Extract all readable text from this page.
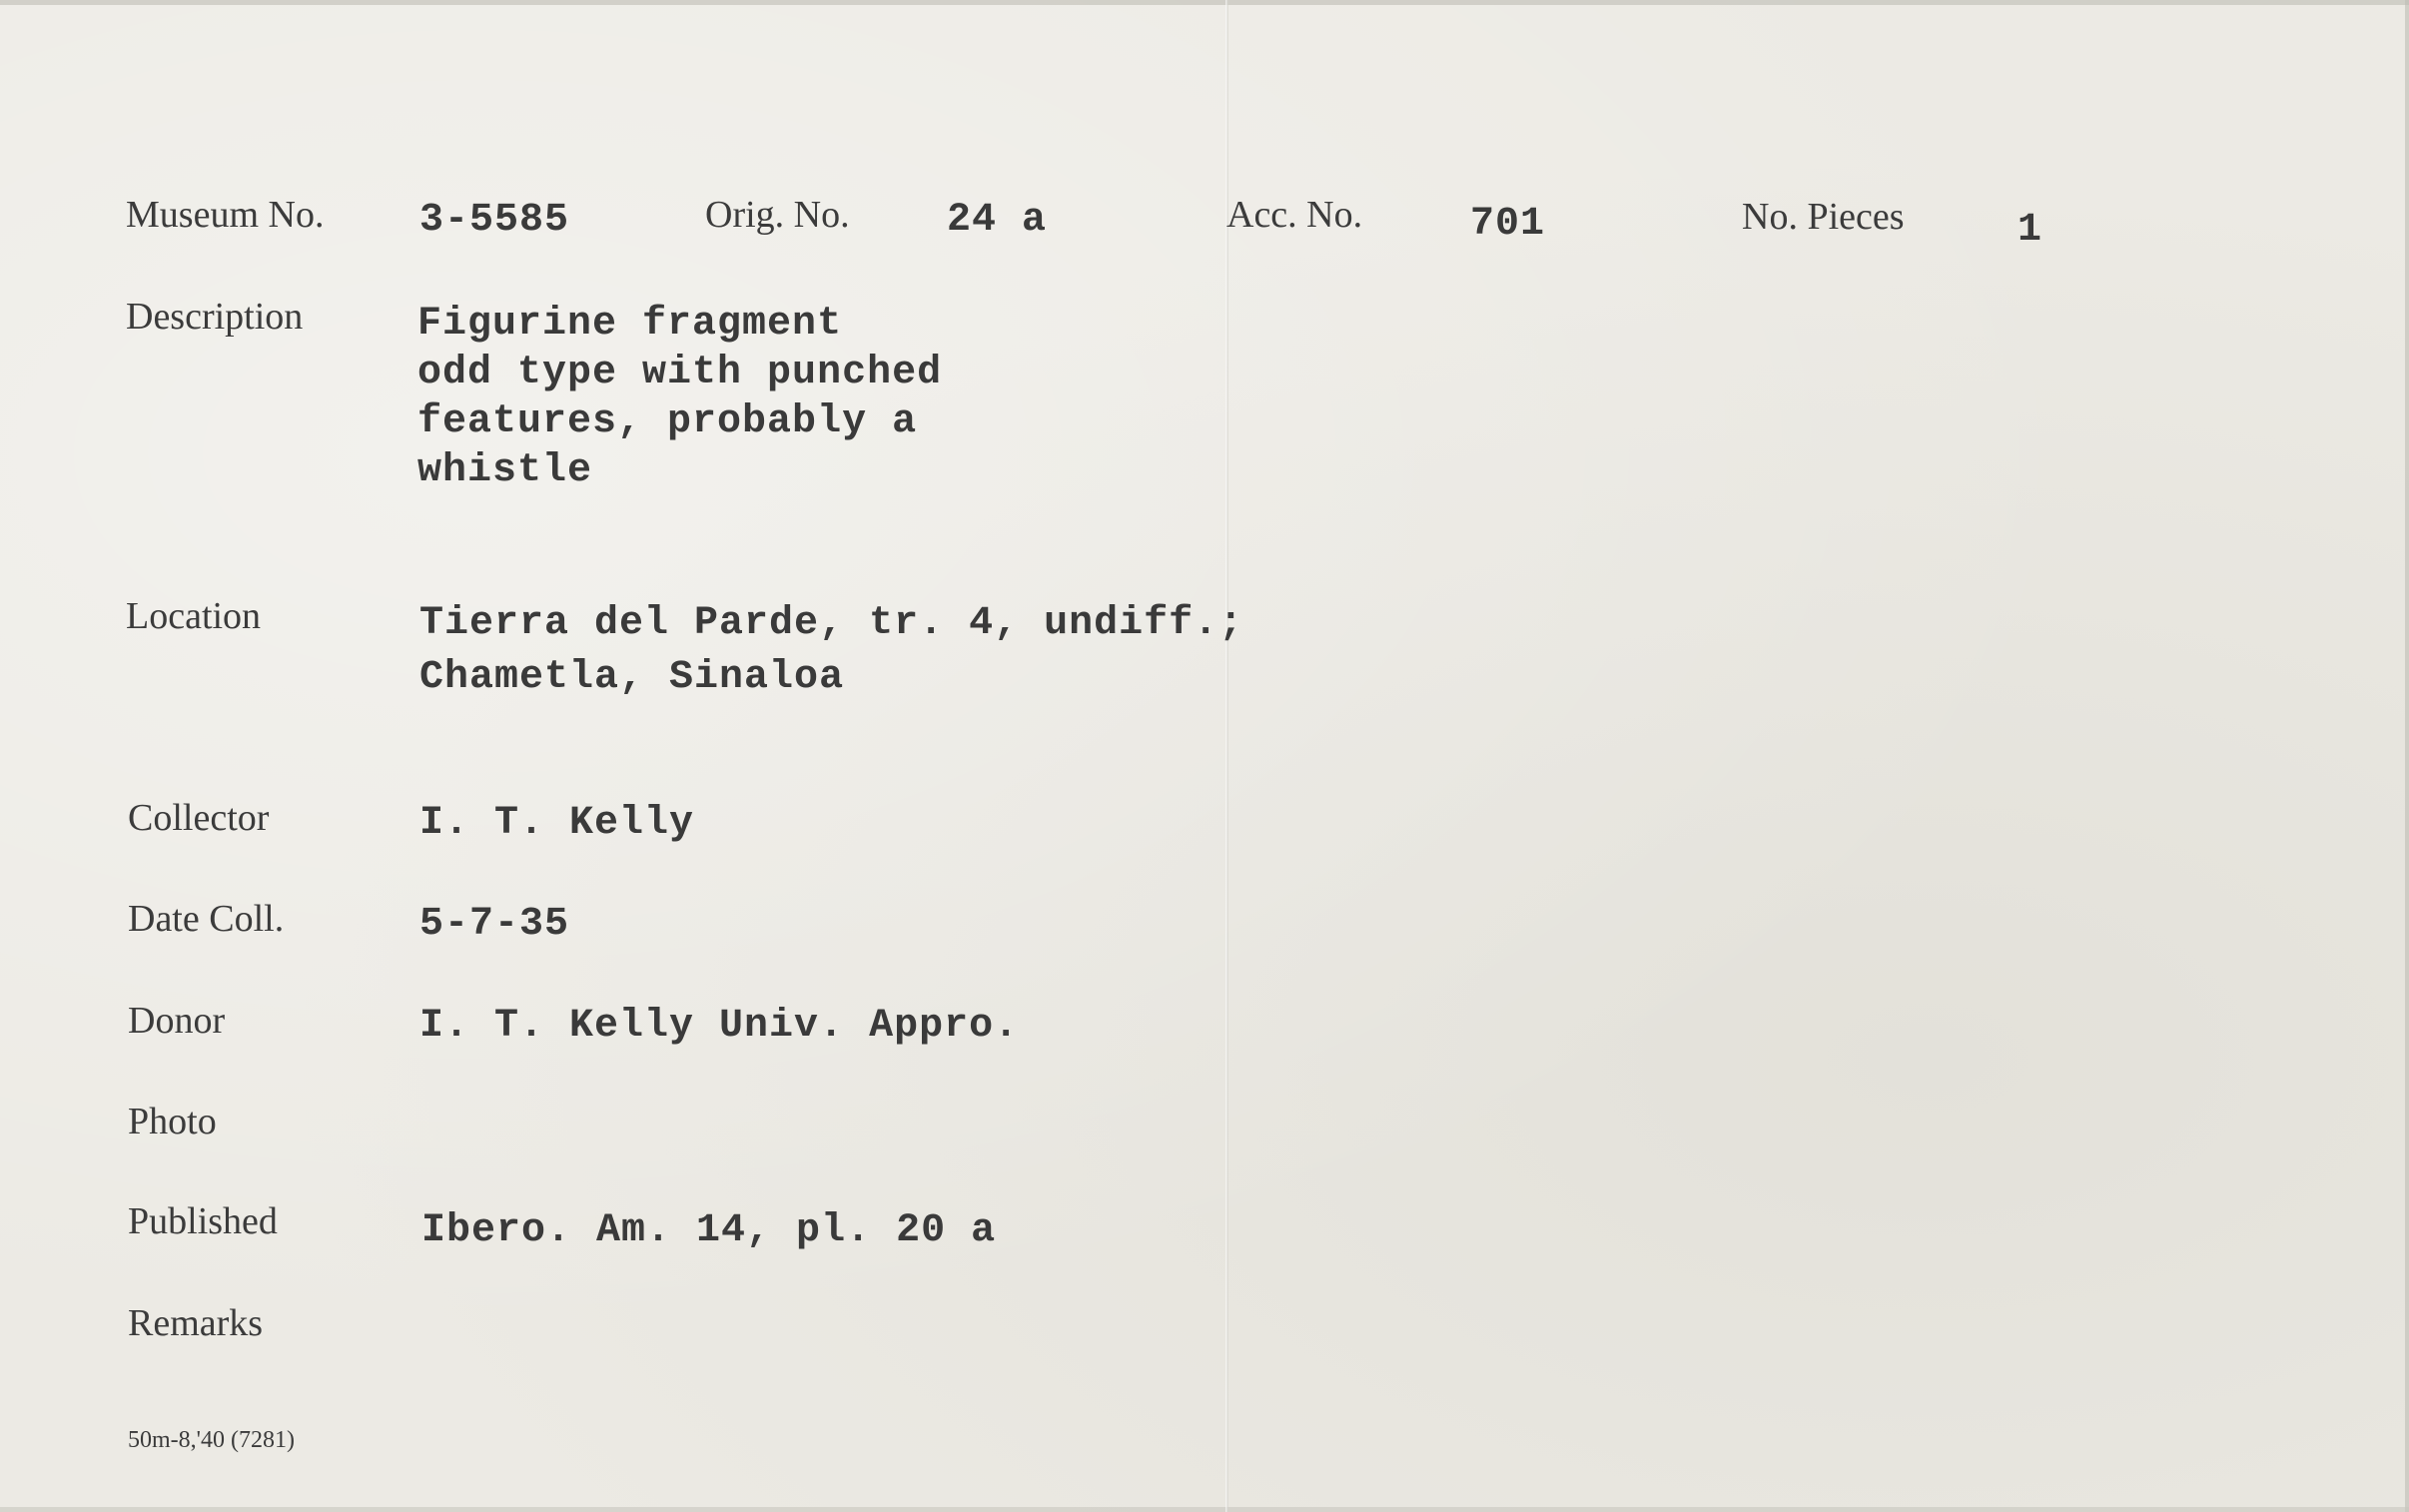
Museum No. 3-5585	Orig. No. 24 a	Acc. No.	701	No. Pieces	1
Description	Figurine fragment
odd type with punched
features, probably a
whistle
Location	Tierra del Parde, tr. 4, undiff.;
Chametla, Sinaloa
Collector	I. T. Kelly
Date Coll.	5-7-35
Donor	I. T. Kelly Univ. Appro.
Photo
Published	Ibero. Am. 14, pl. 20 a
Remarks
50m-8,'40 (7281)
